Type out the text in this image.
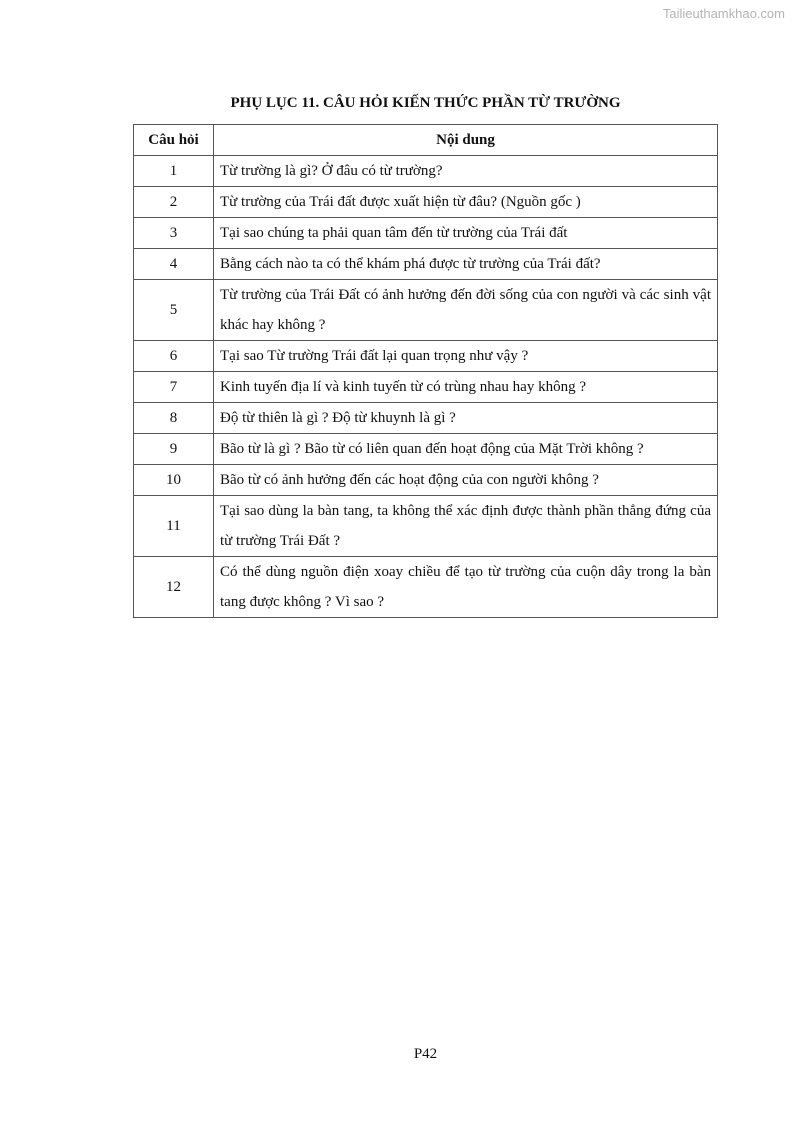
Tailieuthamkhao.com
PHỤ LỤC 11. CÂU HỎI KIẾN THỨC PHẦN TỪ TRƯỜNG
Câu hỏi	Nội dung
1	Từ trường là gì? Ở đâu có từ trường?
2	Từ trường của Trái đất được xuất hiện từ đâu? (Nguồn gốc )
3	Tại sao chúng ta phải quan tâm đến từ trường của Trái đất
4	Bằng cách nào ta có thể khám phá được từ trường của Trái đất?
5	Từ trường của Trái Đất có ảnh hưởng đến đời sống của con người và các sinh vật khác hay không ?
6	Tại sao Từ trường Trái đất lại quan trọng như vậy ?
7	Kinh tuyến địa lí và kinh tuyến từ có trùng nhau hay không ?
8	Độ từ thiên là gì ? Độ từ khuynh là gì ?
9	Bão từ là gì ? Bão từ có liên quan đến hoạt động của Mặt Trời không ?
10	Bão từ có ảnh hưởng đến các hoạt động của con người không ?
11	Tại sao dùng la bàn tang, ta không thể xác định được thành phần thẳng đứng của từ trường Trái Đất ?
12	Có thể dùng nguồn điện xoay chiều để tạo từ trường của cuộn dây trong la bàn tang được không ? Vì sao ?
P42
